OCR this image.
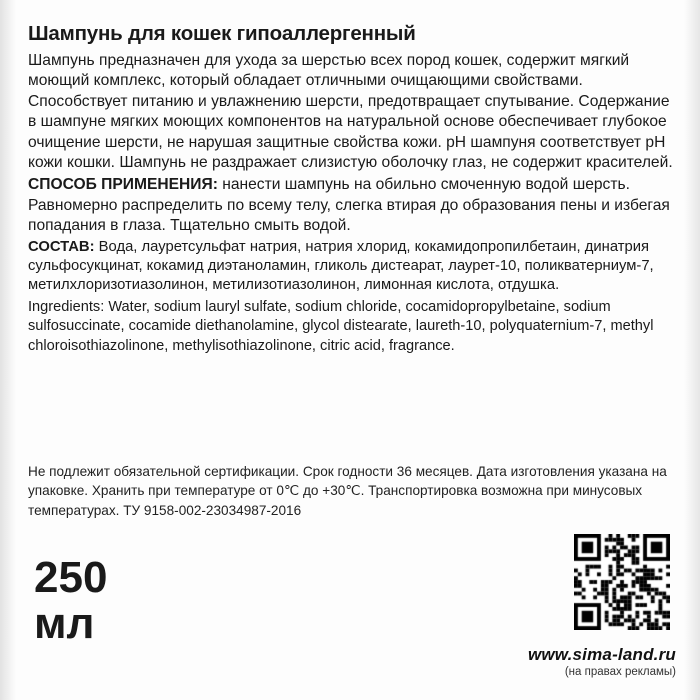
Шампунь для кошек гипоаллергенный

Шампунь предназначен для ухода за шерстью всех пород кошек, содержит мягкий моющий комплекс, который обладает отличными очищающими свойствами. Способствует питанию и увлажнению шерсти, предотвращает спутывание. Содержание в шампуне мягких моющих компонентов на натуральной основе обеспечивает глубокое очищение шерсти, не нарушая защитные свойства кожи. pH шампуня соответствует pH кожи кошки. Шампунь не раздражает слизистую оболочку глаз, не содержит красителей.

СПОСОБ ПРИМЕНЕНИЯ: нанести шампунь на обильно смоченную водой шерсть. Равномерно распределить по всему телу, слегка втирая до образования пены и избегая попадания в глаза. Тщательно смыть водой.

СОСТАВ: Вода, лауретсульфат натрия, натрия хлорид, кокамидопропилбетаин, динатрия сульфосукцинат, кокамид диэтаноламин, гликоль дистеарат, лаурет-10, поликватерниум-7, метилхлоризотиазолинон, метилизотиазолинон, лимонная кислота, отдушка.

Ingredients: Water, sodium lauryl sulfate, sodium chloride, cocamidopropylbetaine, sodium sulfosuccinate, cocamide diethanolamine, glycol distearate, laureth-10, polyquaternium-7, methyl chloroisothiazolinone, methylisothiazolinone, citric acid, fragrance.

Не подлежит обязательной сертификации. Срок годности 36 месяцев. Дата изготовления указана на упаковке. Хранить при температуре от 0℃ до +30℃. Транспортировка возможна при минусовых температурах. ТУ 9158-002-23034987-2016
250
мл

www.sima-land.ru

(на правах рекламы)
